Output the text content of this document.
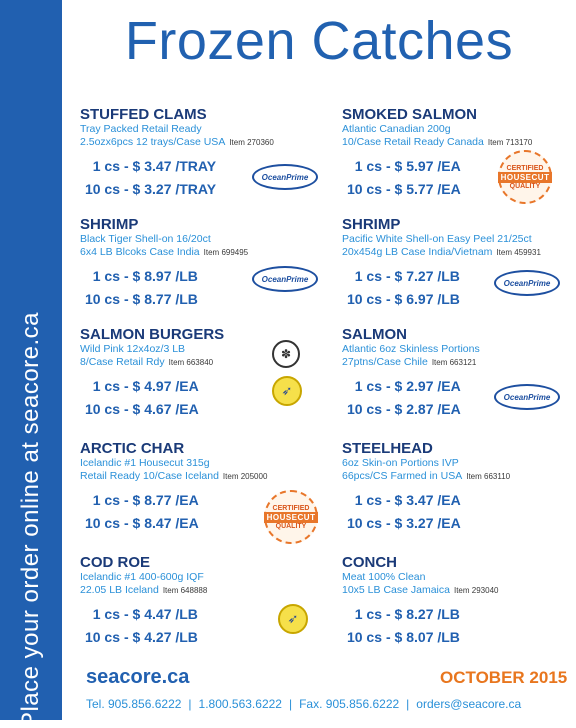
Place your order online at seacore.ca
Frozen Catches
STUFFED CLAMS
Tray Packed Retail Ready
2.5ozx6pcs 12 trays/Case USA Item 270360
1 cs - $ 3.47 /TRAY
10 cs - $ 3.27 /TRAY
SMOKED SALMON
Atlantic Canadian 200g
10/Case Retail Ready Canada Item 713170
1 cs - $ 5.97 /EA
10 cs - $ 5.77 /EA
SHRIMP
Black Tiger Shell-on 16/20ct
6x4 LB Blcoks Case India Item 699495
1 cs - $ 8.97 /LB
10 cs - $ 8.77 /LB
SHRIMP
Pacific White Shell-on Easy Peel 21/25ct
20x454g LB Case India/Vietnam Item 459931
1 cs - $ 7.27 /LB
10 cs - $ 6.97 /LB
SALMON BURGERS
Wild Pink 12x4oz/3 LB
8/Case Retail Rdy Item 663840
1 cs - $ 4.97 /EA
10 cs - $ 4.67 /EA
SALMON
Atlantic 6oz Skinless Portions
27ptns/Case Chile Item 663121
1 cs - $ 2.97 /EA
10 cs - $ 2.87 /EA
ARCTIC CHAR
Icelandic #1 Housecut 315g
Retail Ready 10/Case Iceland Item 205000
1 cs - $ 8.77 /EA
10 cs - $ 8.47 /EA
STEELHEAD
6oz Skin-on Portions IVP
66pcs/CS Farmed in USA Item 663110
1 cs - $ 3.47 /EA
10 cs - $ 3.27 /EA
COD ROE
Icelandic #1 400-600g IQF
22.05 LB Iceland Item 648888
1 cs - $ 4.47 /LB
10 cs - $ 4.27 /LB
CONCH
Meat 100% Clean
10x5 LB Case Jamaica Item 293040
1 cs - $ 8.27 /LB
10 cs - $ 8.07 /LB
OceanPrime
CERTIFIED
HOUSECUT
QUALITY
OceanPrime	OceanPrime
✽
➶	OceanPrime
CERTIFIED
HOUSECUT
QUALITY
➶
seacore.ca	OCTOBER 2015
Tel. 905.856.6222 | 1.800.563.6222 | Fax. 905.856.6222 | orders@seacore.ca
